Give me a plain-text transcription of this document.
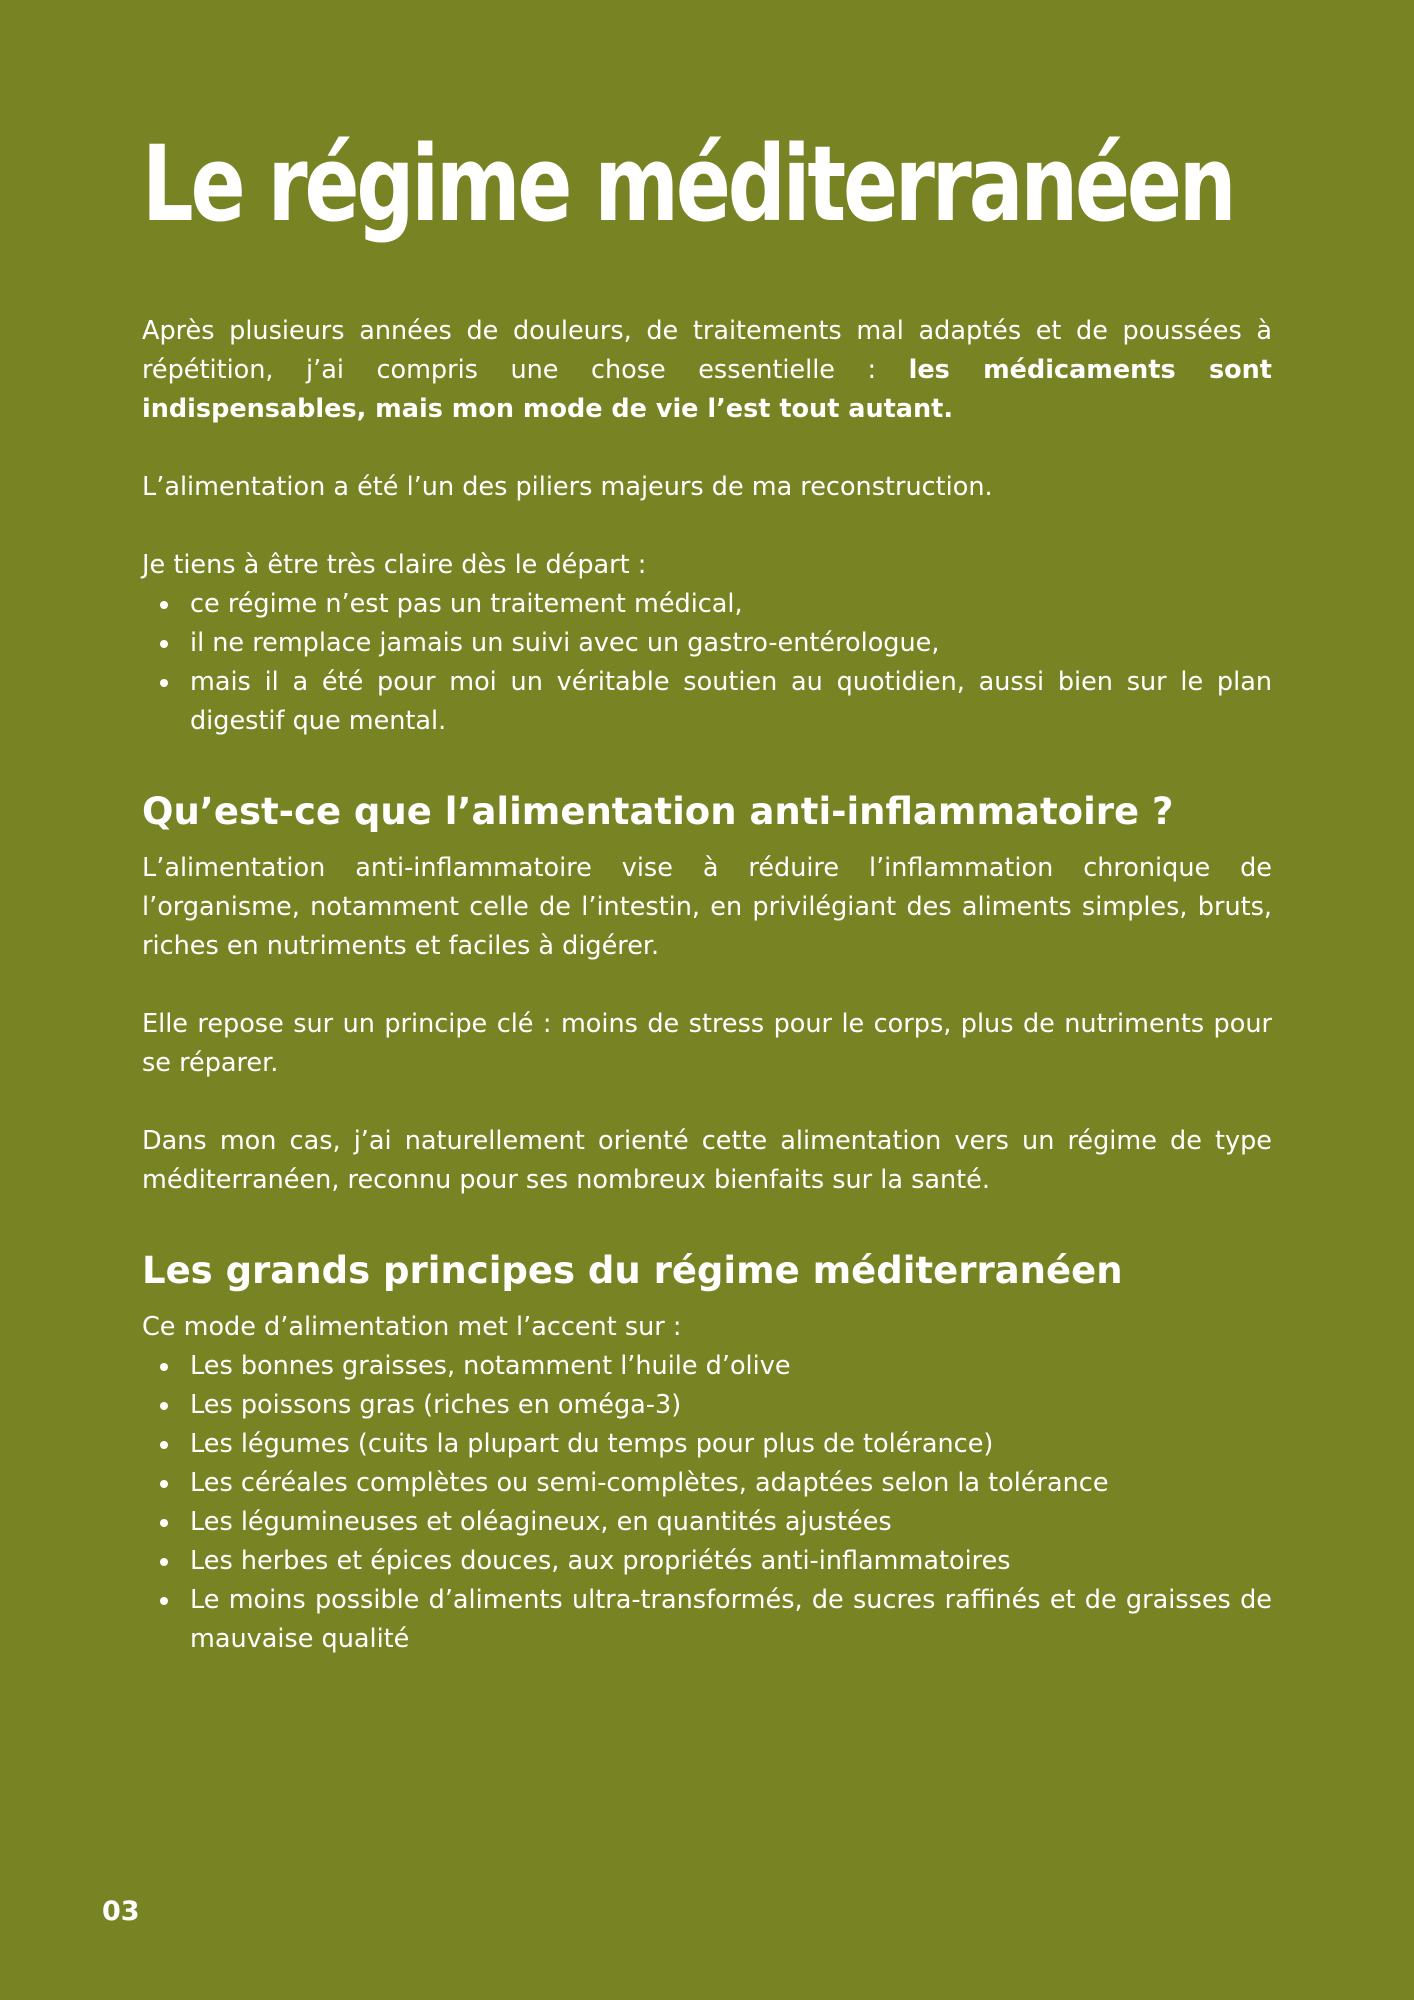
Le régime méditerranéen

Après plusieurs années de douleurs, de traitements mal adaptés et de poussées à répétition, j’ai compris une chose essentielle : les médicaments sont indispensables, mais mon mode de vie l’est tout autant.

L’alimentation a été l’un des piliers majeurs de ma reconstruction.

Je tiens à être très claire dès le départ :

ce régime n’est pas un traitement médical,
il ne remplace jamais un suivi avec un gastro-entérologue,
mais il a été pour moi un véritable soutien au quotidien, aussi bien sur le plan digestif que mental.
Qu’est-ce que l’alimentation anti-inflammatoire ?

L’alimentation anti-inflammatoire vise à réduire l’inflammation chronique de l’organisme, notamment celle de l’intestin, en privilégiant des aliments simples, bruts, riches en nutriments et faciles à digérer.

Elle repose sur un principe clé : moins de stress pour le corps, plus de nutriments pour se réparer.

Dans mon cas, j’ai naturellement orienté cette alimentation vers un régime de type méditerranéen, reconnu pour ses nombreux bienfaits sur la santé.

Les grands principes du régime méditerranéen

Ce mode d’alimentation met l’accent sur :

Les bonnes graisses, notamment l’huile d’olive
Les poissons gras (riches en oméga-3)
Les légumes (cuits la plupart du temps pour plus de tolérance)
Les céréales complètes ou semi-complètes, adaptées selon la tolérance
Les légumineuses et oléagineux, en quantités ajustées
Les herbes et épices douces, aux propriétés anti-inflammatoires
Le moins possible d’aliments ultra-transformés, de sucres raffinés et de graisses de mauvaise qualité
03
